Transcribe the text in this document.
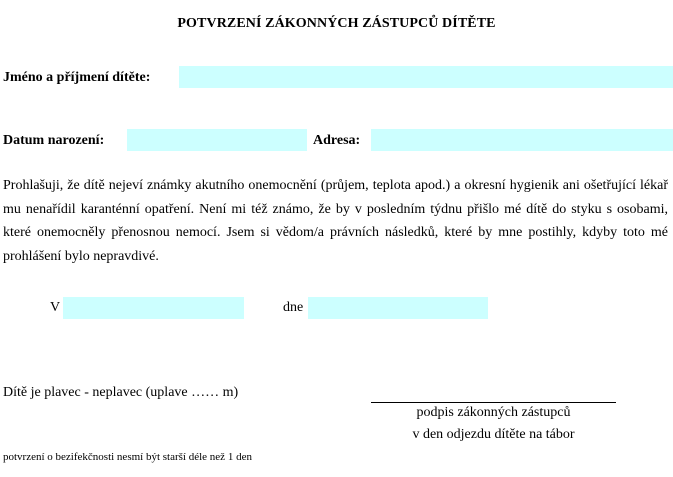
POTVRZENÍ ZÁKONNÝCH ZÁSTUPCŮ DÍTĚTE
Jméno a příjmení dítěte:
Datum narození:	Adresa:
Prohlašuji, že dítě nejeví známky akutního onemocnění (průjem, teplota apod.) a okresní hygienik ani ošetřující lékař mu nenařídil karanténní opatření. Není mi též známo, že by v posledním týdnu přišlo mé dítě do styku s osobami, které onemocněly přenosnou nemocí. Jsem si vědom/a právních následků, které by mne postihly, kdyby toto mé prohlášení bylo nepravdivé.
V	dne
Dítě je plavec - neplavec (uplave …… m)
podpis zákonných zástupců
v den odjezdu dítěte na tábor
potvrzení o bezifekčnosti nesmí být starší déle než 1 den
